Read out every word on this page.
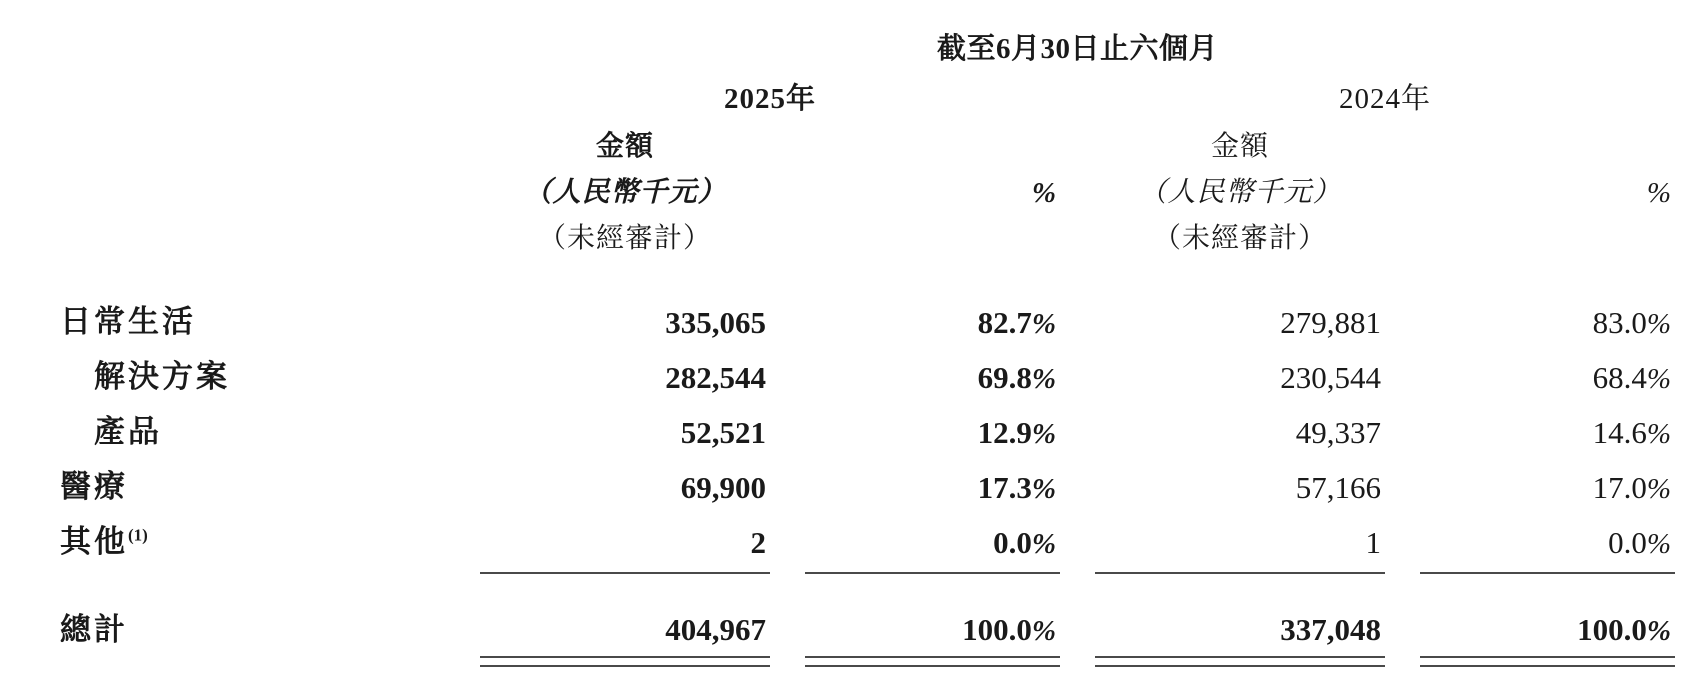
	截至6月30日止六個月						
	2025年				2024年		
	金額				金額		
	（人民幣千元）		%		（人民幣千元）		%
	（未經審計）				（未經審計）		
日常生活	335,065		82.7%		279,881		83.0%
解決方案	282,544		69.8%		230,544		68.4%
產品	52,521		12.9%		49,337		14.6%
醫療	69,900		17.3%		57,166		17.0%
其他$^{(1)}$	2		0.0%		1		0.0%

總計	404,967		100.0%		337,048		100.0%
